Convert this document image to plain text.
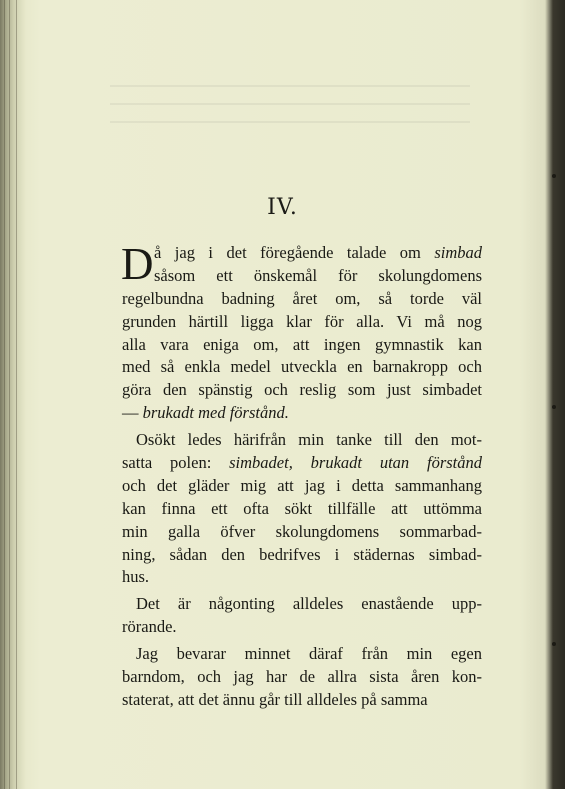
IV.
D å jag i det föregående talade om simbad
såsom ett önskemål för skolungdomens
regelbundna badning året om, så torde väl
grunden härtill ligga klar för alla. Vi må nog
alla vara eniga om, att ingen gymnastik kan
med så enkla medel utveckla en barnakropp och
göra den spänstig och reslig som just simbadet
— brukadt med förstånd.
Osökt ledes härifrån min tanke till den mot-
satta polen: simbadet, brukadt utan förstånd
och det gläder mig att jag i detta sammanhang
kan finna ett ofta sökt tillfälle att uttömma
min galla öfver skolungdomens sommarbad-
ning, sådan den bedrifves i städernas simbad-
hus.
Det är någonting alldeles enastående upp-
rörande.
Jag bevarar minnet däraf från min egen
barndom, och jag har de allra sista åren kon-
staterat, att det ännu går till alldeles på samma
